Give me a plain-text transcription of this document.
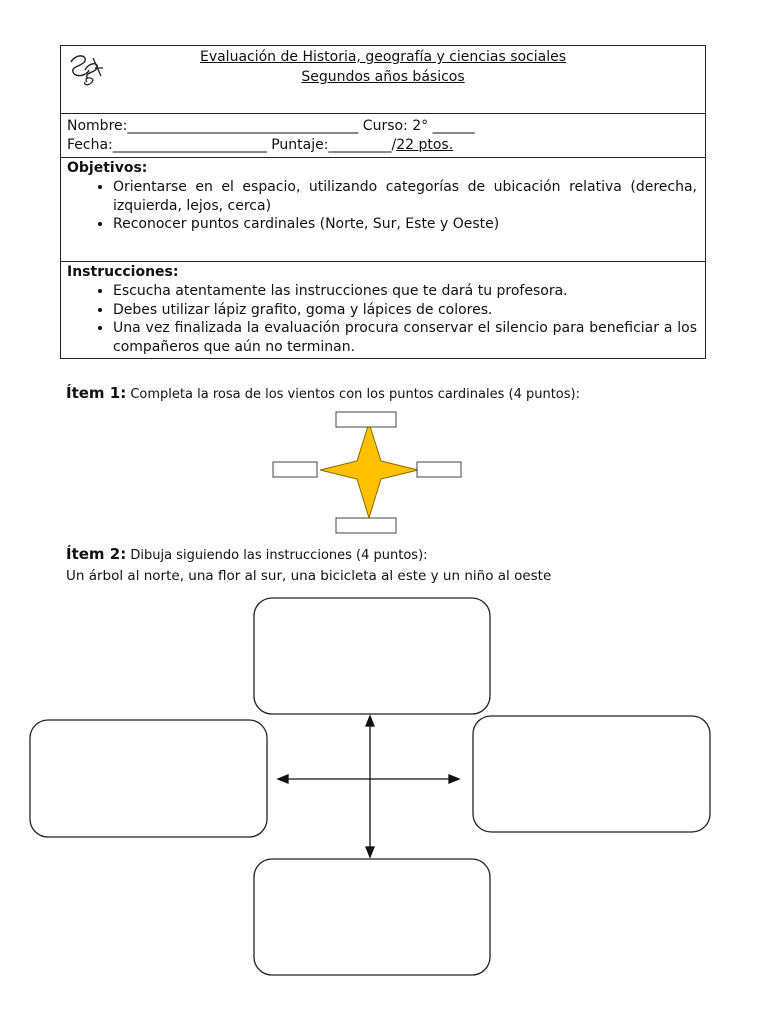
Evaluación de Historia, geografía y ciencias sociales
Segundos años básicos
Nombre:_________________________________ Curso: 2° ______
Fecha:______________________ Puntaje:_________/22 ptos.
Objetivos:
• Orientarse en el espacio, utilizando categorías de ubicación relativa (derecha, izquierda, lejos, cerca)
• Reconocer puntos cardinales (Norte, Sur, Este y Oeste)
Instrucciones:
• Escucha atentamente las instrucciones que te dará tu profesora.
• Debes utilizar lápiz grafito, goma y lápices de colores.
• Una vez finalizada la evaluación procura conservar el silencio para beneficiar a los compañeros que aún no terminan.
Ítem 1: Completa la rosa de los vientos con los puntos cardinales (4 puntos):
Ítem 2: Dibuja siguiendo las instrucciones (4 puntos):
Un árbol al norte, una flor al sur, una bicicleta al este y un niño al oeste
